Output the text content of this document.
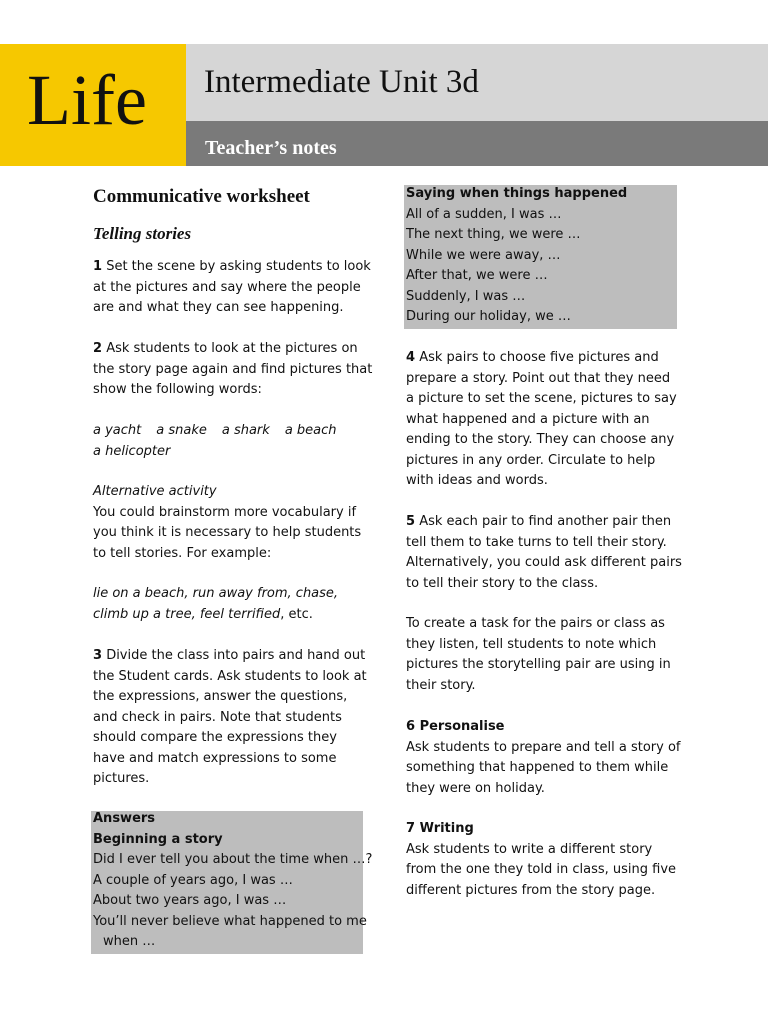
Life Intermediate Unit 3d
Teacher’s notes
Communicative worksheet
Telling stories
1 Set the scene by asking students to look
at the pictures and say where the people
are and what they can see happening.
2 Ask students to look at the pictures on
the story page again and find pictures that
show the following words:
a yacht a snake a shark a beach
a helicopter
Alternative activity
You could brainstorm more vocabulary if
you think it is necessary to help students
to tell stories. For example:
lie on a beach, run away from, chase,
climb up a tree, feel terrified, etc.
3 Divide the class into pairs and hand out
the Student cards. Ask students to look at
the expressions, answer the questions,
and check in pairs. Note that students
should compare the expressions they
have and match expressions to some
pictures.
Answers
Beginning a story
Did I ever tell you about the time when …?
A couple of years ago, I was …
About two years ago, I was …
You’ll never believe what happened to me
when …
Saying when things happened
All of a sudden, I was …
The next thing, we were …
While we were away, …
After that, we were …
Suddenly, I was …
During our holiday, we …
4 Ask pairs to choose five pictures and
prepare a story. Point out that they need
a picture to set the scene, pictures to say
what happened and a picture with an
ending to the story. They can choose any
pictures in any order. Circulate to help
with ideas and words.
5 Ask each pair to find another pair then
tell them to take turns to tell their story.
Alternatively, you could ask different pairs
to tell their story to the class.
To create a task for the pairs or class as
they listen, tell students to note which
pictures the storytelling pair are using in
their story.
6 Personalise
Ask students to prepare and tell a story of
something that happened to them while
they were on holiday.
7 Writing
Ask students to write a different story
from the one they told in class, using five
different pictures from the story page.
